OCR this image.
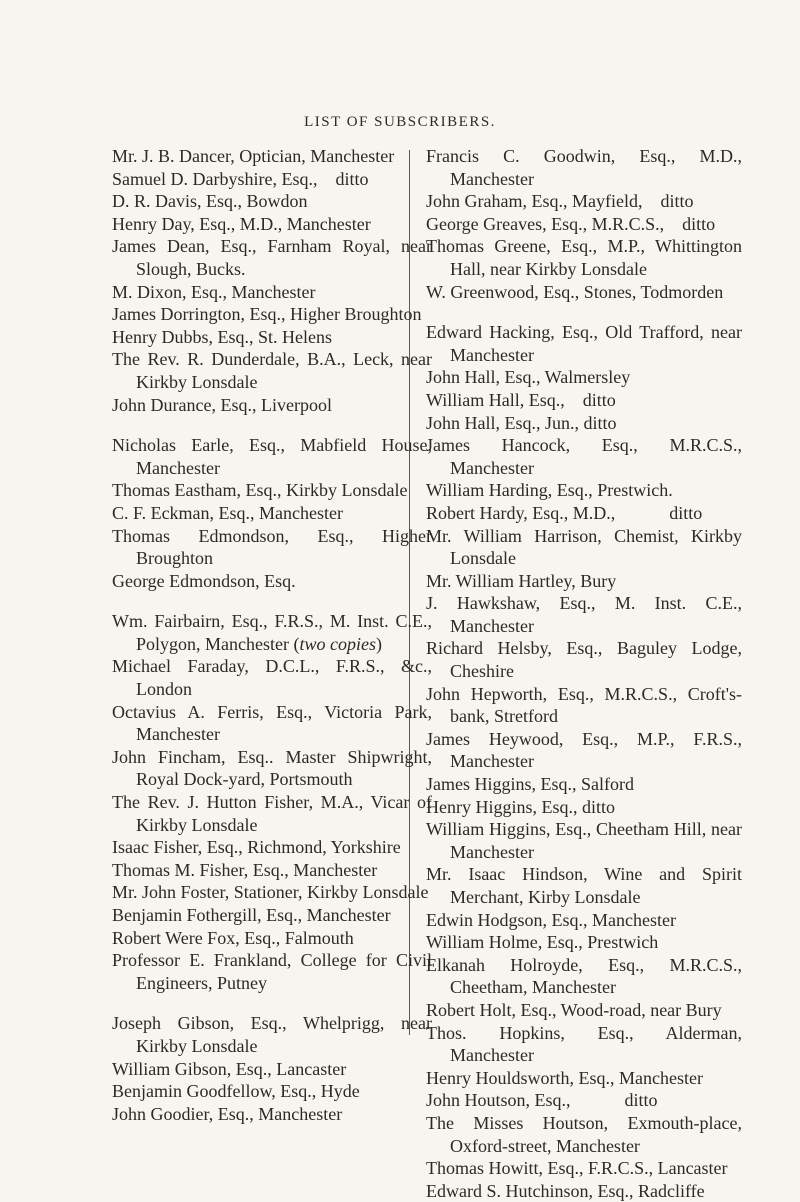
LIST OF SUBSCRIBERS.
Mr. J. B. Dancer, Optician, Manchester
Samuel D. Darbyshire, Esq., ditto
D. R. Davis, Esq., Bowdon
Henry Day, Esq., M.D., Manchester
James Dean, Esq., Farnham Royal, near Slough, Bucks.
M. Dixon, Esq., Manchester
James Dorrington, Esq., Higher Broughton
Henry Dubbs, Esq., St. Helens
The Rev. R. Dunderdale, B.A., Leck, near Kirkby Lonsdale
John Durance, Esq., Liverpool
Nicholas Earle, Esq., Mabfield House, Manchester
Thomas Eastham, Esq., Kirkby Lonsdale
C. F. Eckman, Esq., Manchester
Thomas Edmondson, Esq., Higher Broughton
George Edmondson, Esq.
Wm. Fairbairn, Esq., F.R.S., M. Inst. C.E., Polygon, Manchester (two copies)
Michael Faraday, D.C.L., F.R.S., &c., London
Octavius A. Ferris, Esq., Victoria Park, Manchester
John Fincham, Esq.. Master Shipwright, Royal Dock-yard, Portsmouth
The Rev. J. Hutton Fisher, M.A., Vicar of Kirkby Lonsdale
Isaac Fisher, Esq., Richmond, Yorkshire
Thomas M. Fisher, Esq., Manchester
Mr. John Foster, Stationer, Kirkby Lonsdale
Benjamin Fothergill, Esq., Manchester
Robert Were Fox, Esq., Falmouth
Professor E. Frankland, College for Civil Engineers, Putney
Joseph Gibson, Esq., Whelprigg, near Kirkby Lonsdale
William Gibson, Esq., Lancaster
Benjamin Goodfellow, Esq., Hyde
John Goodier, Esq., Manchester
Francis C. Goodwin, Esq., M.D., Manchester
John Graham, Esq., Mayfield, ditto
George Greaves, Esq., M.R.C.S., ditto
Thomas Greene, Esq., M.P., Whittington Hall, near Kirkby Lonsdale
W. Greenwood, Esq., Stones, Todmorden
Edward Hacking, Esq., Old Trafford, near Manchester
John Hall, Esq., Walmersley
William Hall, Esq., ditto
John Hall, Esq., Jun., ditto
James Hancock, Esq., M.R.C.S., Manchester
William Harding, Esq., Prestwich.
Robert Hardy, Esq., M.D.,   ditto
Mr. William Harrison, Chemist, Kirkby Lonsdale
Mr. William Hartley, Bury
J. Hawkshaw, Esq., M. Inst. C.E., Manchester
Richard Helsby, Esq., Baguley Lodge, Cheshire
John Hepworth, Esq., M.R.C.S., Croft's-bank, Stretford
James Heywood, Esq., M.P., F.R.S., Manchester
James Higgins, Esq., Salford
Henry Higgins, Esq., ditto
William Higgins, Esq., Cheetham Hill, near Manchester
Mr. Isaac Hindson, Wine and Spirit Merchant, Kirby Lonsdale
Edwin Hodgson, Esq., Manchester
William Holme, Esq., Prestwich
Elkanah Holroyde, Esq., M.R.C.S., Cheetham, Manchester
Robert Holt, Esq., Wood-road, near Bury
Thos. Hopkins, Esq., Alderman, Manchester
Henry Houldsworth, Esq., Manchester
John Houtson, Esq.,   ditto
The Misses Houtson, Exmouth-place, Oxford-street, Manchester
Thomas Howitt, Esq., F.R.C.S., Lancaster
Edward S. Hutchinson, Esq., Radcliffe
